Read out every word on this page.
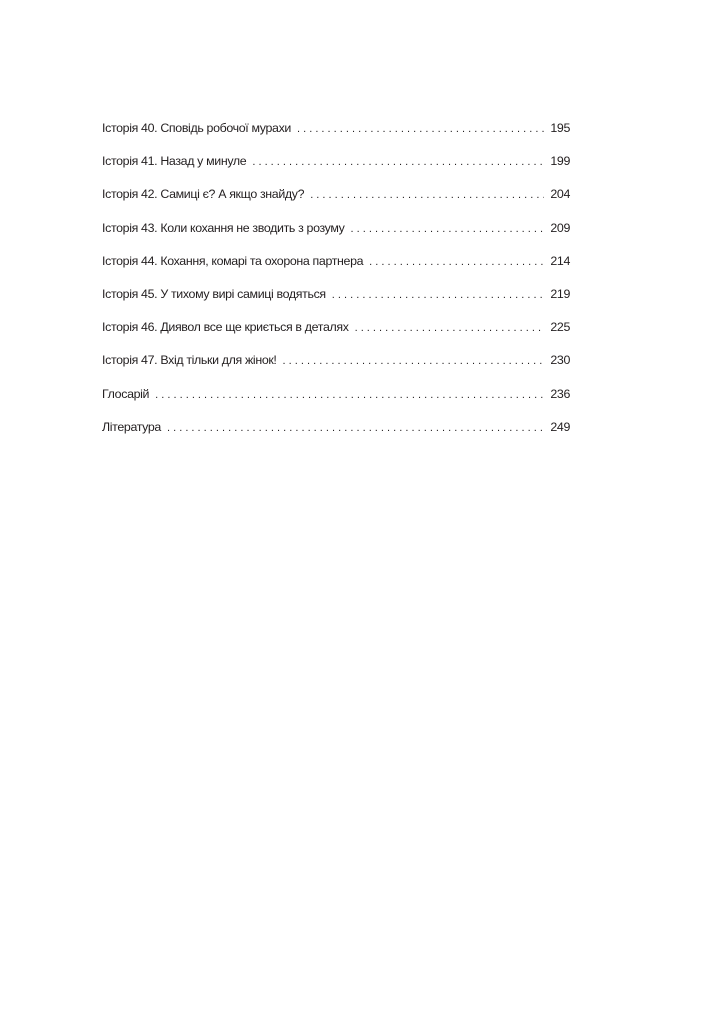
Історія 40. Сповідь робочої мурахи . . .	195
Історія 41. Назад у минуле . . .	199
Історія 42. Самиці є? А якщо знайду? . . .	204
Історія 43. Коли кохання не зводить з розуму . . .	209
Історія 44. Кохання, комарі та охорона партнера . . .	214
Історія 45. У тихому вирі самиці водяться . . .	219
Історія 46. Диявол все ще криється в деталях . . .	225
Історія 47. Вхід тільки для жінок! . . .	230
Глосарій . . .	236
Література . . .	249
